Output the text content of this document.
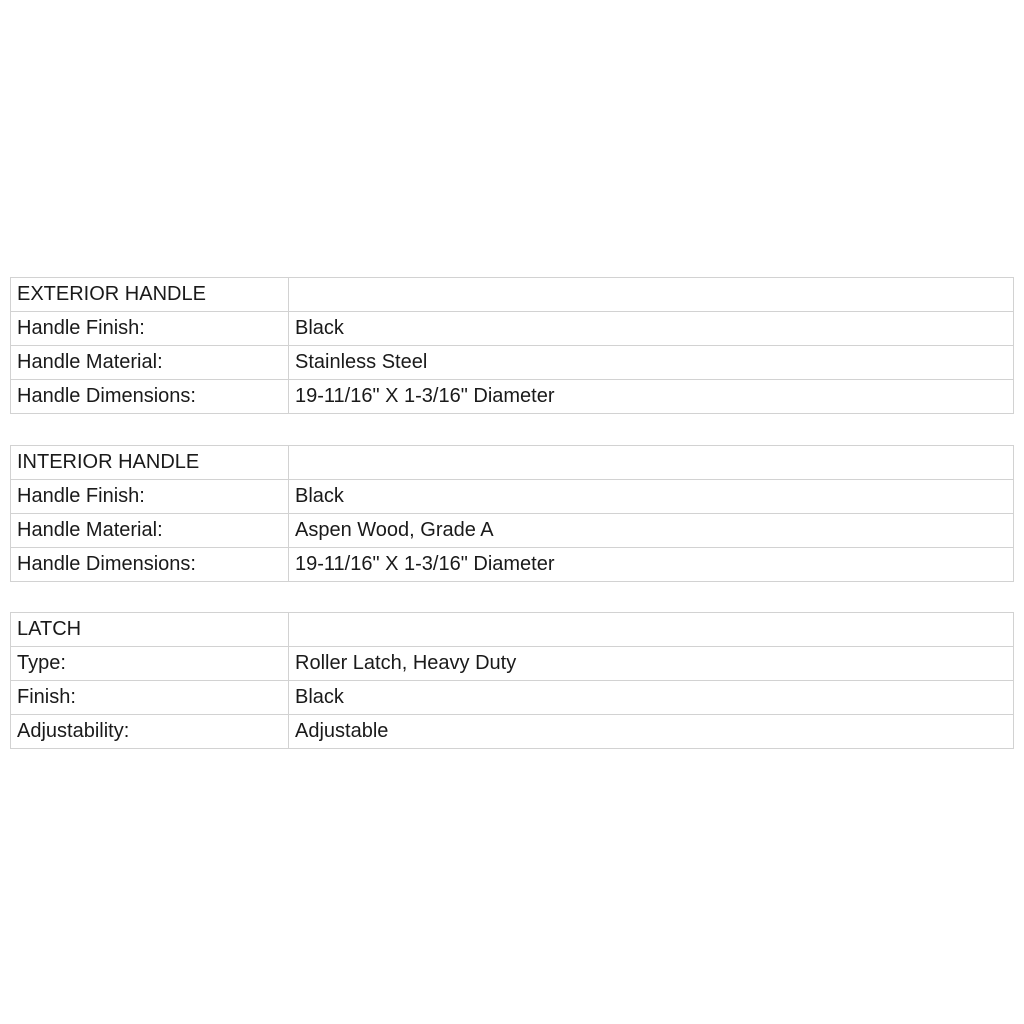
EXTERIOR HANDLE	
Handle Finish:	Black
Handle Material:	Stainless Steel
Handle Dimensions:	19-11/16" X 1-3/16" Diameter
INTERIOR HANDLE	
Handle Finish:	Black
Handle Material:	Aspen Wood, Grade A
Handle Dimensions:	19-11/16" X 1-3/16" Diameter
LATCH	
Type:	Roller Latch, Heavy Duty
Finish:	Black
Adjustability:	Adjustable
